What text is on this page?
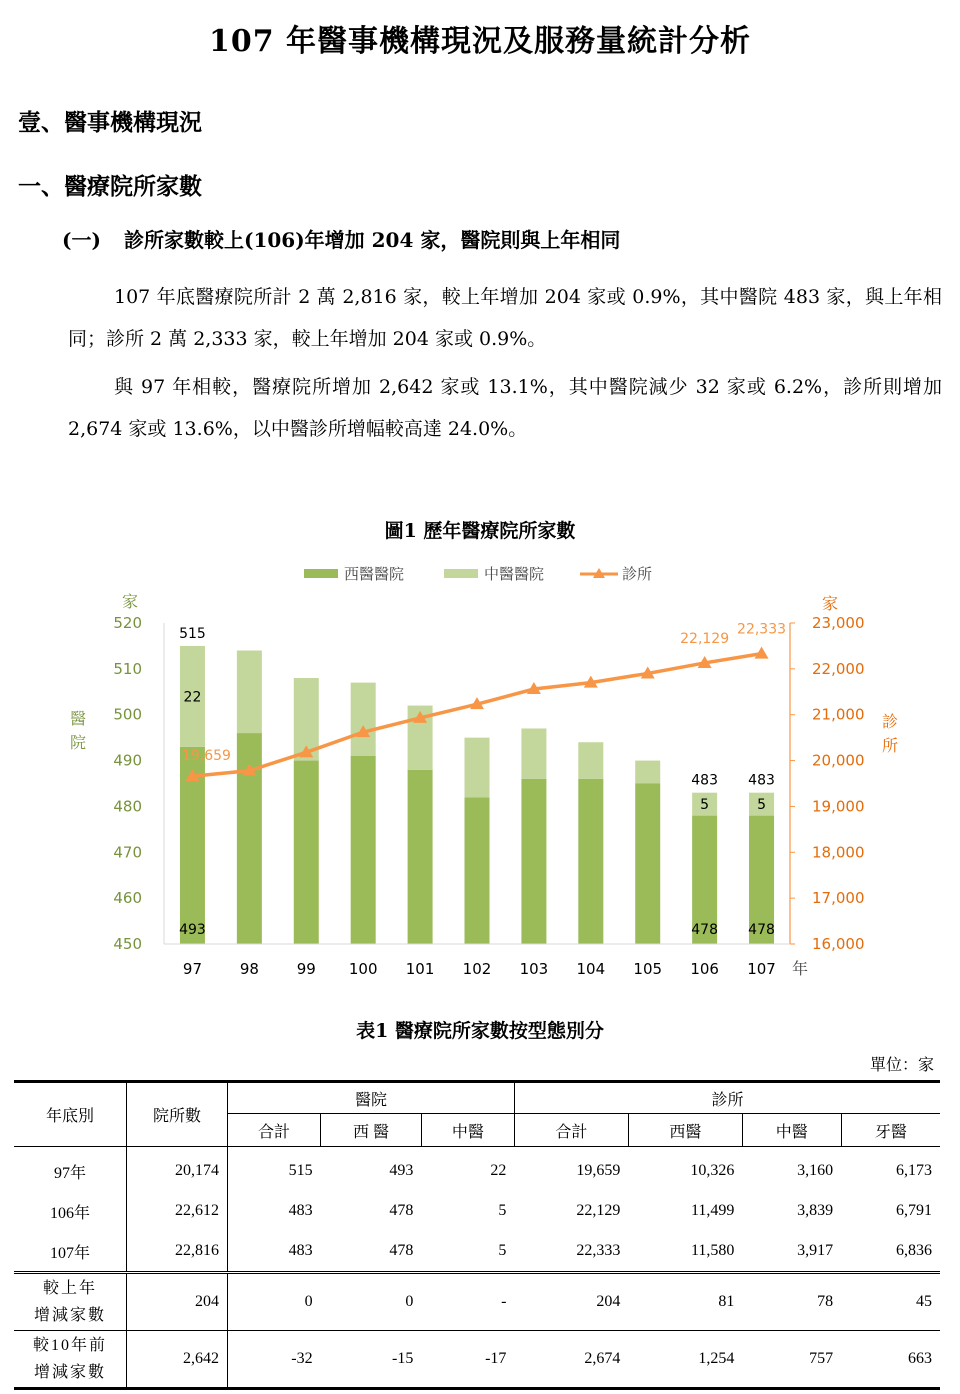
107 年醫事機構現況及服務量統計分析
壹、醫事機構現況
一、醫療院所家數
(一) 診所家數較上(106)年增加 204 家，醫院則與上年相同
107 年底醫療院所計 2 萬 2,816 家，較上年增加 204 家或 0.9%，其中醫院 483 家，與上年相同；診所 2 萬 2,333 家，較上年增加 204 家或 0.9%。
與 97 年相較，醫療院所增加 2,642 家或 13.1%，其中醫院減少 32 家或 6.2%，診所則增加 2,674 家或 13.6%，以中醫診所增幅較高達 24.0%。
圖1 歷年醫療院所家數
西醫醫院	中醫醫院	診所
家
醫
院
家
診
所
年
450
460
470
480
490
500
510
520
16,000
17,000
18,000
19,000
20,000
21,000
22,000
23,000
97	98	99 100 101 102 103 104 105 106 107
515
22
493
19,659
483
5
478
22,129
483
5
478
22,333
表1 醫療院所家數按型態別分
單位：家
年底別	院所數	醫院			診所			
		合計	西 醫	中醫	合計	西醫	中醫	牙醫
97年	20,174	515	493	22	19,659	10,326	3,160	6,173
106年	22,612	483	478	5	22,129	11,499	3,839	6,791
107年	22,816	483	478	5	22,333	11,580	3,917	6,836
較上年
增減家數	204	0	0	-	204	81	78	45
較10年前
增減家數	2,642	-32	-15	-17	2,674	1,254	757	663
